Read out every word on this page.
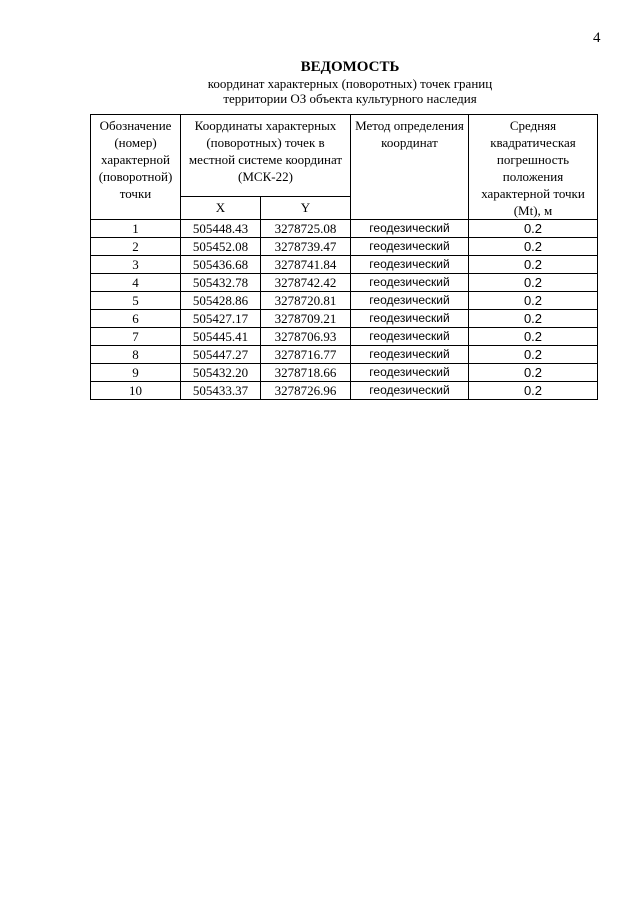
4

ВЕДОМОСТЬ

координат характерных (поворотных) точек границ

территории ОЗ объекта культурного наследия

Обозначение (номер) характерной (поворотной) точки	Координаты характерных (поворотных) точек в местной системе координат (МСК-22)		Метод определения координат	Средняя квадратическая погрешность положения характерной точки (Mt), м
	X	Y		
1	505448.43	3278725.08	геодезический	0.2
2	505452.08	3278739.47	геодезический	0.2
3	505436.68	3278741.84	геодезический	0.2
4	505432.78	3278742.42	геодезический	0.2
5	505428.86	3278720.81	геодезический	0.2
6	505427.17	3278709.21	геодезический	0.2
7	505445.41	3278706.93	геодезический	0.2
8	505447.27	3278716.77	геодезический	0.2
9	505432.20	3278718.66	геодезический	0.2
10	505433.37	3278726.96	геодезический	0.2
